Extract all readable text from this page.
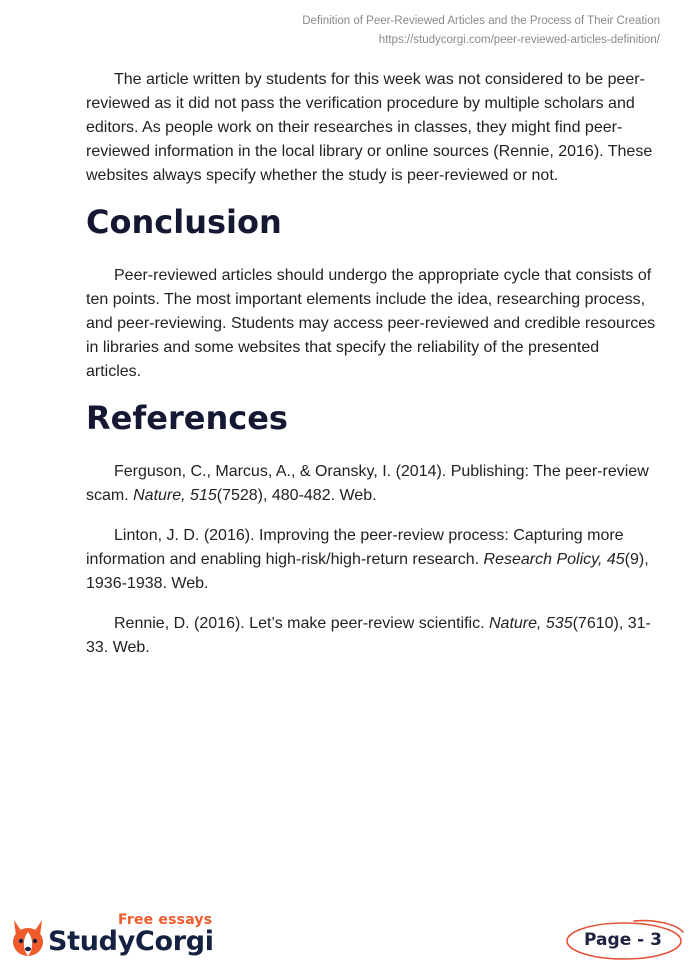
Definition of Peer-Reviewed Articles and the Process of Their Creation
https://studycorgi.com/peer-reviewed-articles-definition/

The article written by students for this week was not considered to be peer-reviewed as it did not pass the verification procedure by multiple scholars and editors. As people work on their researches in classes, they might find peer-reviewed information in the local library or online sources (Rennie, 2016). These websites always specify whether the study is peer-reviewed or not.

Conclusion

Peer-reviewed articles should undergo the appropriate cycle that consists of ten points. The most important elements include the idea, researching process, and peer-reviewing. Students may access peer-reviewed and credible resources in libraries and some websites that specify the reliability of the presented articles.

References

Ferguson, C., Marcus, A., & Oransky, I. (2014). Publishing: The peer-review scam. Nature, 515(7528), 480-482. Web.

Linton, J. D. (2016). Improving the peer-review process: Capturing more information and enabling high-risk/high-return research. Research Policy, 45(9), 1936-1938. Web.

Rennie, D. (2016). Let’s make peer-review scientific. Nature, 535(7610), 31-33. Web.

Free essays
StudyCorgi	Page - 3
